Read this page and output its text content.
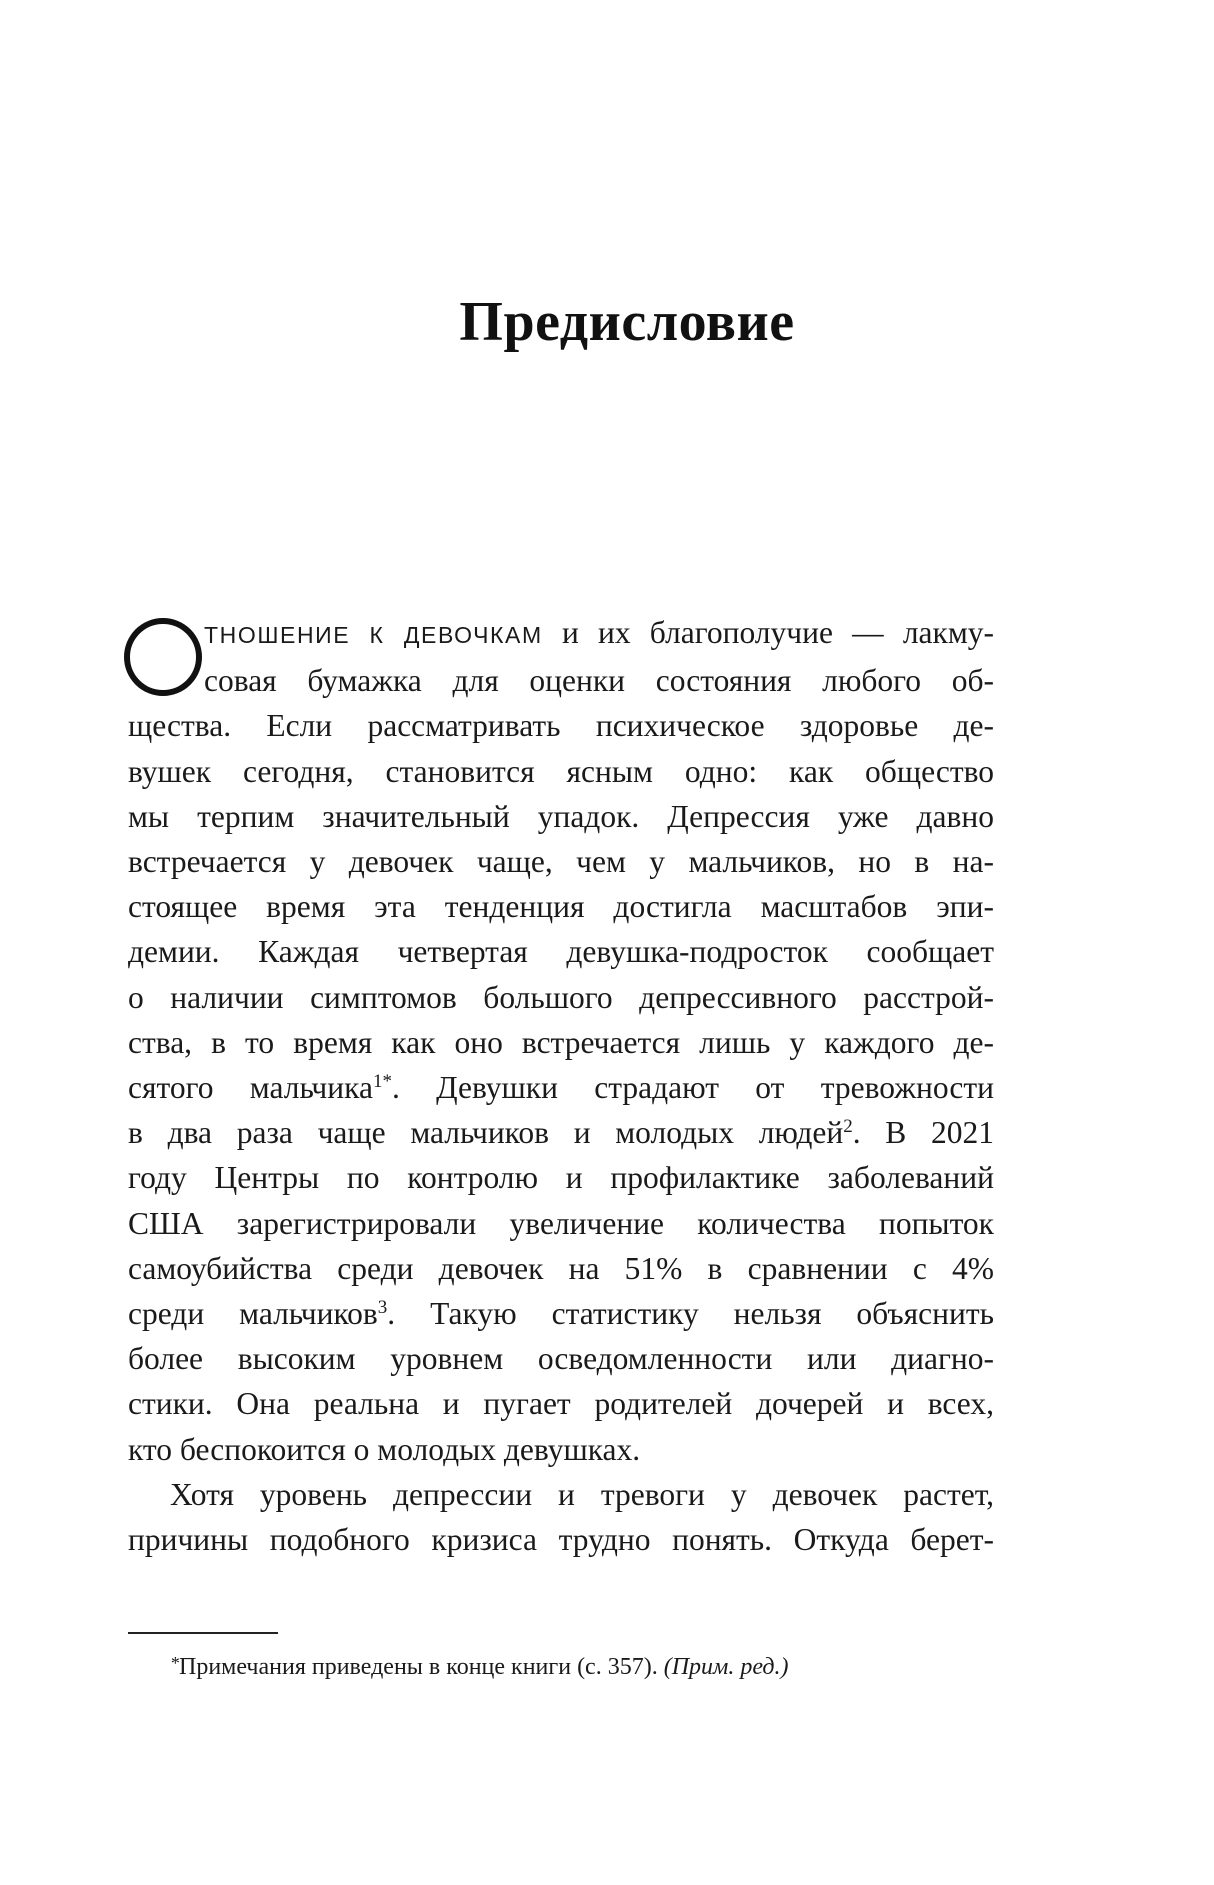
Предисловие
ТНОШЕНИЕ К ДЕВОЧКАМ и их благополучие — лакму-
совая бумажка для оценки состояния любого об-
щества. Если рассматривать психическое здоровье де-
вушек сегодня, становится ясным одно: как общество
мы терпим значительный упадок. Депрессия уже давно
встречается у девочек чаще, чем у мальчиков, но в на-
стоящее время эта тенденция достигла масштабов эпи-
демии. Каждая четвертая девушка-подросток сообщает
о наличии симптомов большого депрессивного расстрой-
ства, в то время как оно встречается лишь у каждого де-
сятого мальчика$^{1*}$. Девушки страдают от тревожности
в два раза чаще мальчиков и молодых людей$^2$. В 2021
году Центры по контролю и профилактике заболеваний
США зарегистрировали увеличение количества попыток
самоубийства среди девочек на 51% в сравнении с 4%
среди мальчиков$^3$. Такую статистику нельзя объяснить
более высоким уровнем осведомленности или диагно-
стики. Она реальна и пугает родителей дочерей и всех,
кто беспокоится о молодых девушках.
Хотя уровень депрессии и тревоги у девочек растет,
причины подобного кризиса трудно понять. Откуда берет-
*Примечания приведены в конце книги (с. 357). (Прим. ред.)
